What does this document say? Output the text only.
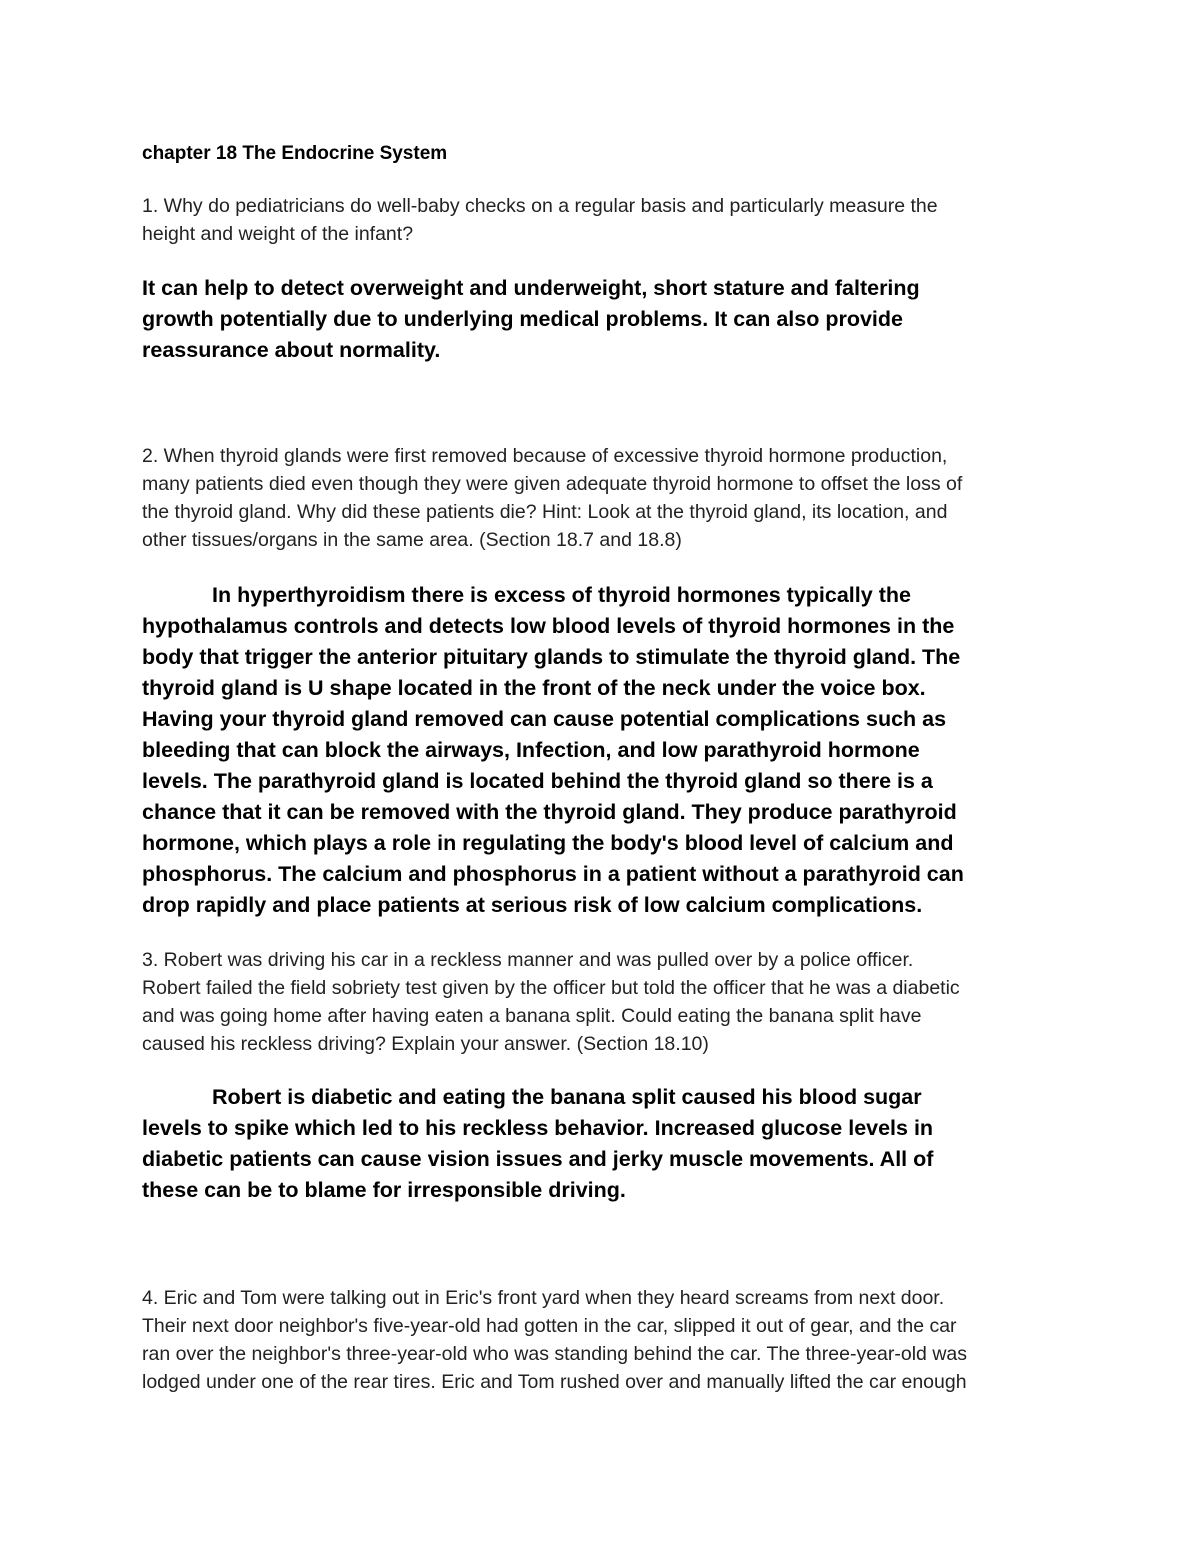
chapter 18 The Endocrine System

1. Why do pediatricians do well-baby checks on a regular basis and particularly measure the
height and weight of the infant?

It can help to detect overweight and underweight, short stature and faltering
growth potentially due to underlying medical problems. It can also provide
reassurance about normality.

2. When thyroid glands were first removed because of excessive thyroid hormone production,
many patients died even though they were given adequate thyroid hormone to offset the loss of
the thyroid gland. Why did these patients die? Hint: Look at the thyroid gland, its location, and
other tissues/organs in the same area. (Section 18.7 and 18.8)

In hyperthyroidism there is excess of thyroid hormones typically the
hypothalamus controls and detects low blood levels of thyroid hormones in the
body that trigger the anterior pituitary glands to stimulate the thyroid gland. The
thyroid gland is U shape located in the front of the neck under the voice box.
Having your thyroid gland removed can cause potential complications such as
bleeding that can block the airways, Infection, and low parathyroid hormone
levels. The parathyroid gland is located behind the thyroid gland so there is a
chance that it can be removed with the thyroid gland. They produce parathyroid
hormone, which plays a role in regulating the body's blood level of calcium and
phosphorus. The calcium and phosphorus in a patient without a parathyroid can
drop rapidly and place patients at serious risk of low calcium complications.

3. Robert was driving his car in a reckless manner and was pulled over by a police officer.
Robert failed the field sobriety test given by the officer but told the officer that he was a diabetic
and was going home after having eaten a banana split. Could eating the banana split have
caused his reckless driving? Explain your answer. (Section 18.10)

Robert is diabetic and eating the banana split caused his blood sugar
levels to spike which led to his reckless behavior. Increased glucose levels in
diabetic patients can cause vision issues and jerky muscle movements. All of
these can be to blame for irresponsible driving.

4. Eric and Tom were talking out in Eric's front yard when they heard screams from next door.
Their next door neighbor's five-year-old had gotten in the car, slipped it out of gear, and the car
ran over the neighbor's three-year-old who was standing behind the car. The three-year-old was
lodged under one of the rear tires. Eric and Tom rushed over and manually lifted the car enough
